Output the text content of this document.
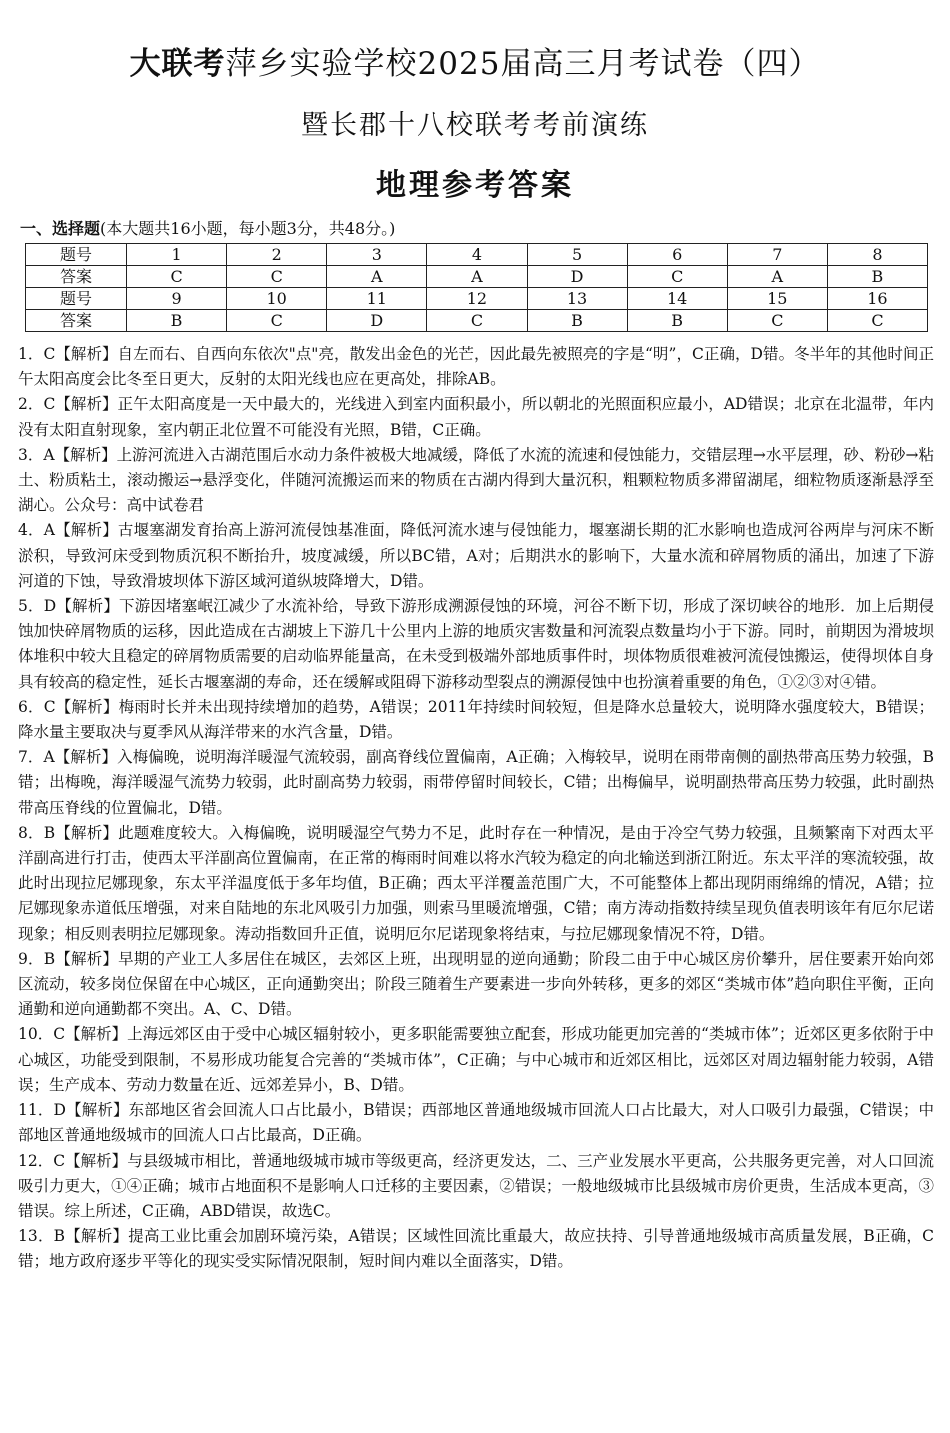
大联考萍乡实验学校2025届高三月考试卷（四）
暨长郡十八校联考考前演练
地理参考答案
一、选择题(本大题共16小题，每小题3分，共48分。)
题号	1	2	3	4	5	6	7	8
答案	C	C	A	A	D	C	A	B
题号	9	10	11	12	13	14	15	16
答案	B	C	D	C	B	B	C	C

1．C【解析】自左而右、自西向东依次"点"亮，散发出金色的光芒，因此最先被照亮的字是“明”，C正确，D错。冬半年的其他时间正午太阳高度会比冬至日更大，反射的太阳光线也应在更高处，排除AB。

2．C【解析】正午太阳高度是一天中最大的，光线进入到室内面积最小，所以朝北的光照面积应最小，AD错误；北京在北温带，年内没有太阳直射现象，室内朝正北位置不可能没有光照，B错，C正确。

3．A【解析】上游河流进入古湖范围后水动力条件被极大地减缓，降低了水流的流速和侵蚀能力，交错层理→水平层理，砂、粉砂→粘土、粉质粘土，滚动搬运→悬浮变化，伴随河流搬运而来的物质在古湖内得到大量沉积，粗颗粒物质多滞留湖尾，细粒物质逐渐悬浮至湖心。公众号：高中试卷君

4．A【解析】古堰塞湖发育抬高上游河流侵蚀基准面，降低河流水速与侵蚀能力，堰塞湖长期的汇水影响也造成河谷两岸与河床不断淤积，导致河床受到物质沉积不断抬升，坡度减缓，所以BC错，A对；后期洪水的影响下，大量水流和碎屑物质的涌出，加速了下游河道的下蚀，导致滑坡坝体下游区域河道纵坡降增大，D错。

5．D【解析】下游因堵塞岷江减少了水流补给，导致下游形成溯源侵蚀的环境，河谷不断下切，形成了深切峡谷的地形．加上后期侵蚀加快碎屑物质的运移，因此造成在古湖坡上下游几十公里内上游的地质灾害数量和河流裂点数量均小于下游。同时，前期因为滑坡坝体堆积中较大且稳定的碎屑物质需要的启动临界能量高，在未受到极端外部地质事件时，坝体物质很难被河流侵蚀搬运，使得坝体自身具有较高的稳定性，延长古堰塞湖的寿命，还在缓解或阻碍下游移动型裂点的溯源侵蚀中也扮演着重要的角色，①②③对④错。

6．C【解析】梅雨时长并未出现持续增加的趋势，A错误；2011年持续时间较短，但是降水总量较大，说明降水强度较大，B错误；降水量主要取决与夏季风从海洋带来的水汽含量，D错。

7．A【解析】入梅偏晚，说明海洋暖湿气流较弱，副高脊线位置偏南，A正确；入梅较早，说明在雨带南侧的副热带高压势力较强，B错；出梅晚，海洋暖湿气流势力较弱，此时副高势力较弱，雨带停留时间较长，C错；出梅偏早，说明副热带高压势力较强，此时副热带高压脊线的位置偏北，D错。

8．B【解析】此题难度较大。入梅偏晚，说明暖湿空气势力不足，此时存在一种情况，是由于冷空气势力较强，且频繁南下对西太平洋副高进行打击，使西太平洋副高位置偏南，在正常的梅雨时间难以将水汽较为稳定的向北输送到浙江附近。东太平洋的寒流较强，故此时出现拉尼娜现象，东太平洋温度低于多年均值，B正确；西太平洋覆盖范围广大，不可能整体上都出现阴雨绵绵的情况，A错；拉尼娜现象赤道低压增强，对来自陆地的东北风吸引力加强，则索马里暖流增强，C错；南方涛动指数持续呈现负值表明该年有厄尔尼诺现象；相反则表明拉尼娜现象。涛动指数回升正值，说明厄尔尼诺现象将结束，与拉尼娜现象情况不符，D错。

9．B【解析】早期的产业工人多居住在城区，去郊区上班，出现明显的逆向通勤；阶段二由于中心城区房价攀升，居住要素开始向郊区流动，较多岗位保留在中心城区，正向通勤突出；阶段三随着生产要素进一步向外转移，更多的郊区“类城市体”趋向职住平衡，正向通勤和逆向通勤都不突出。A、C、D错。

10．C【解析】上海远郊区由于受中心城区辐射较小，更多职能需要独立配套，形成功能更加完善的“类城市体”；近郊区更多依附于中心城区，功能受到限制，不易形成功能复合完善的“类城市体”，C正确；与中心城市和近郊区相比，远郊区对周边辐射能力较弱，A错误；生产成本、劳动力数量在近、远郊差异小，B、D错。

11．D【解析】东部地区省会回流人口占比最小，B错误；西部地区普通地级城市回流人口占比最大，对人口吸引力最强，C错误；中部地区普通地级城市的回流人口占比最高，D正确。

12．C【解析】与县级城市相比，普通地级城市城市等级更高，经济更发达，二、三产业发展水平更高，公共服务更完善，对人口回流吸引力更大，①④正确；城市占地面积不是影响人口迁移的主要因素，②错误；一般地级城市比县级城市房价更贵，生活成本更高，③错误。综上所述，C正确，ABD错误，故选C。

13．B【解析】提高工业比重会加剧环境污染，A错误；区域性回流比重最大，故应扶持、引导普通地级城市高质量发展，B正确，C错；地方政府逐步平等化的现实受实际情况限制，短时间内难以全面落实，D错。
